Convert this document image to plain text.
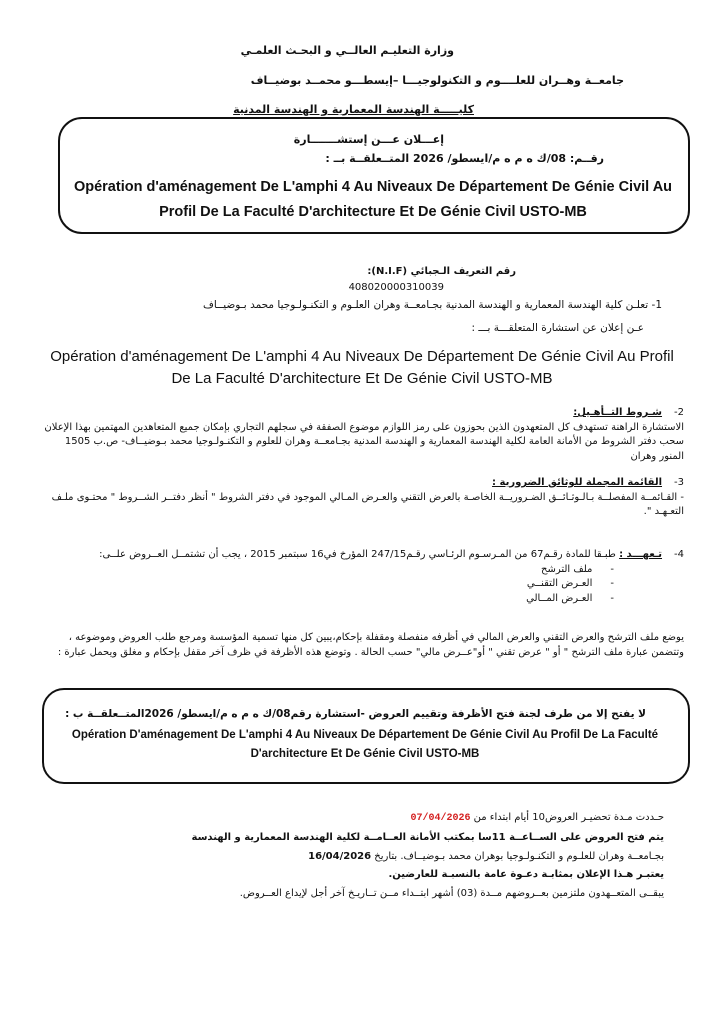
وزارة التعليـم العالــي و البحـث العلمـي
جامعــة وهــران للعلــــوم و التكنولوجيـــا –إيسطـــو محمــد بوضيــاف
كليـــــة الهندسة المعمارية و الهندسة المدنية
إعـــلان عـــن إستشـــــــارة
رقــم: 08/ك ه م ه م/ايسطو/ 2026 المتــعلقــة بــ :
Opération d'aménagement De L'amphi 4 Au Niveaux De Département De Génie Civil Au Profil De La Faculté D'architecture Et De Génie Civil USTO-MB
رقم التعريف الـجبائي (N.I.F):
408020000310039
1- تعلـن كلية الهندسة المعمارية و الهندسة المدنية بجـامعــة وهران العلـوم و التكنـولـوجيا محمد بـوضيــاف
عـن إعلان عن استشارة المتعلقـــة بـــ :
Opération d'aménagement De L'amphi 4 Au Niveaux De Département De Génie Civil Au Profil De La Faculté D'architecture Et De Génie Civil USTO-MB
2-شـروط التــأهـيل:
الاستشارة الراهنة تستهدف كل المتعهدون الذين بحوزون على رمز اللوازم موضوع الصفقة في سجلهم التجاري بإمكان جميع المتعاهدين المهتمين بهذا الإعلان سحب دفتر الشروط من الأمانة العامة لكلية الهندسة المعمارية و الهندسة المدنية بجـامعــة وهران للعلوم و التكنـولـوجيا محمد بـوضيــاف- ص.ب 1505 المنور وهران
3-القائمة المجملة للوثائق الضرورية :
- القـائمــة المفصلــة بـالـوثـائــق الضـروريــة الخاصـة بالعرض التقني والعـرض المـالي الموجود في دفتر الشروط " أنظر دفتــر الشــروط " محتـوى ملـف التعـهـد ".
4-تـعهـــد : طبـقا للمادة رقـم67 من المـرسـوم الرئـاسي رقـم247/15 المؤرخ في16 سبتمبر 2015 ، يجب أن تشتمــل العــروض علــى:

-ملف الترشح
-العـرض التقنــي
-العـرض المــالي
يوضع ملف الترشح والعرض التقني والعرض المالي في أظرفه منفصلة ومقفلة بإحكام،يبين كل منها تسمية المؤسسة ومرجع طلب العروض وموضوعه ، وتتضمن عبارة ملف الترشح " أو " عرض تقني " أو"عــرض مالي" حسب الحالة . وتوضع هذه الأظرفة في ظرف آخر مقفل بإحكام و مغلق ويحمل عبارة :
لا يفتح إلا من طرف لجنة فتح الأظرفة وتقييم العروض -استشارة رقم08/ك ه م ه م/ايسطو/ 2026المتــعلقــة ب :
Opération D'aménagement De L'amphi 4 Au Niveaux De Département De Génie Civil Au Profil De La Faculté D'architecture Et De Génie Civil USTO-MB
حـددت مـدة تحضيـر العروض10 أيام ابتداء من 07/04/2026
يتم فتح العروض على الســاعــة 11سا بمكتب الأمانة العــامــة لكلية الهندسة المعمارية و الهندسة
بجـامعــة وهران للعلـوم و التكنـولـوجيا بوهران محمد بـوضيــاف. بتاريخ 16/04/2026
يعتبـر هـذا الإعلان بمثابـة دعـوة عامة بالنسبـة للعارضين.
يبقــى المتعــهدون ملتزمين بعــروضهم مــدة (03) أشهر ابتــداء مــن تــاريـخ آخر أجل لإيداع العــروض.
